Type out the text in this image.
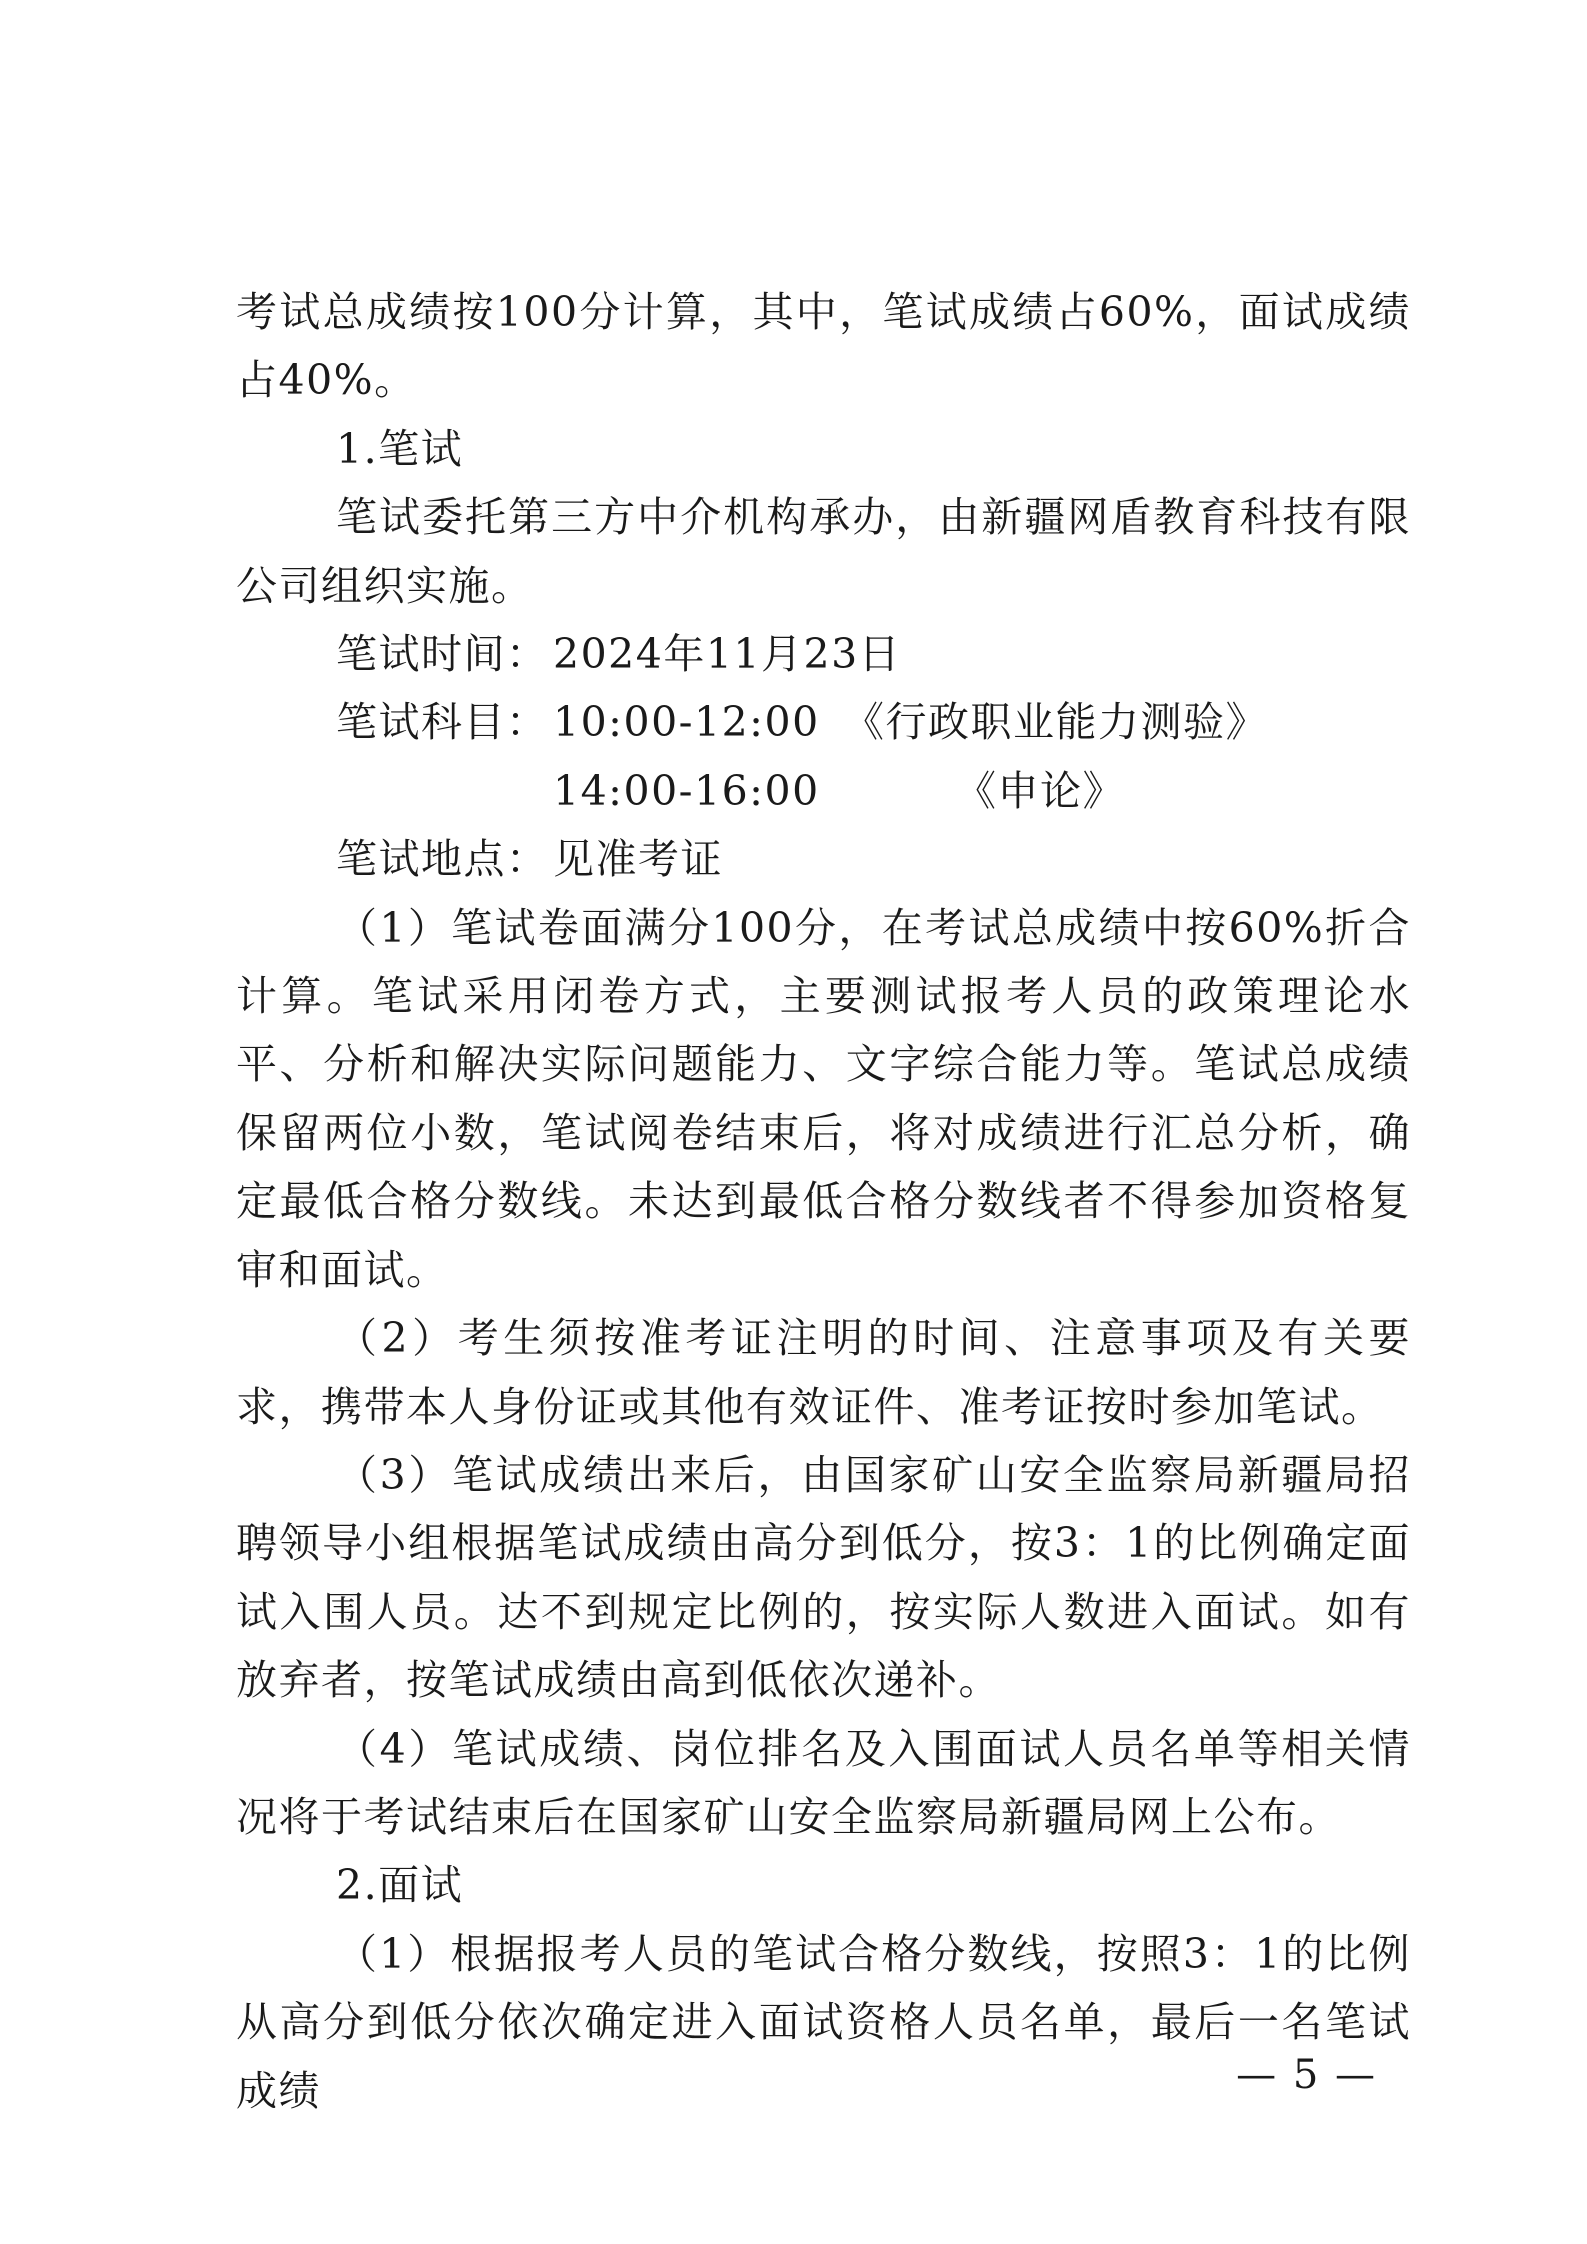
考试总成绩按100分计算，其中，笔试成绩占60%，面试成绩占40%。

1.笔试

笔试委托第三方中介机构承办，由新疆网盾教育科技有限公司组织实施。

笔试时间： 2024年11月23日
笔试科目： 10:00-12:00 《行政职业能力测验》
14:00-16:00	《申论》
笔试地点： 见准考证

（1）笔试卷面满分100分，在考试总成绩中按60%折合计算。笔试采用闭卷方式，主要测试报考人员的政策理论水平、分析和解决实际问题能力、文字综合能力等。笔试总成绩保留两位小数，笔试阅卷结束后，将对成绩进行汇总分析，确定最低合格分数线。未达到最低合格分数线者不得参加资格复审和面试。

（2）考生须按准考证注明的时间、注意事项及有关要求，携带本人身份证或其他有效证件、准考证按时参加笔试。

（3）笔试成绩出来后，由国家矿山安全监察局新疆局招聘领导小组根据笔试成绩由高分到低分，按3：1的比例确定面试入围人员。达不到规定比例的，按实际人数进入面试。如有放弃者，按笔试成绩由高到低依次递补。

（4）笔试成绩、岗位排名及入围面试人员名单等相关情况将于考试结束后在国家矿山安全监察局新疆局网上公布。

2.面试

（1）根据报考人员的笔试合格分数线，按照3：1的比例从高分到低分依次确定进入面试资格人员名单，最后一名笔试成绩	— 5 —
